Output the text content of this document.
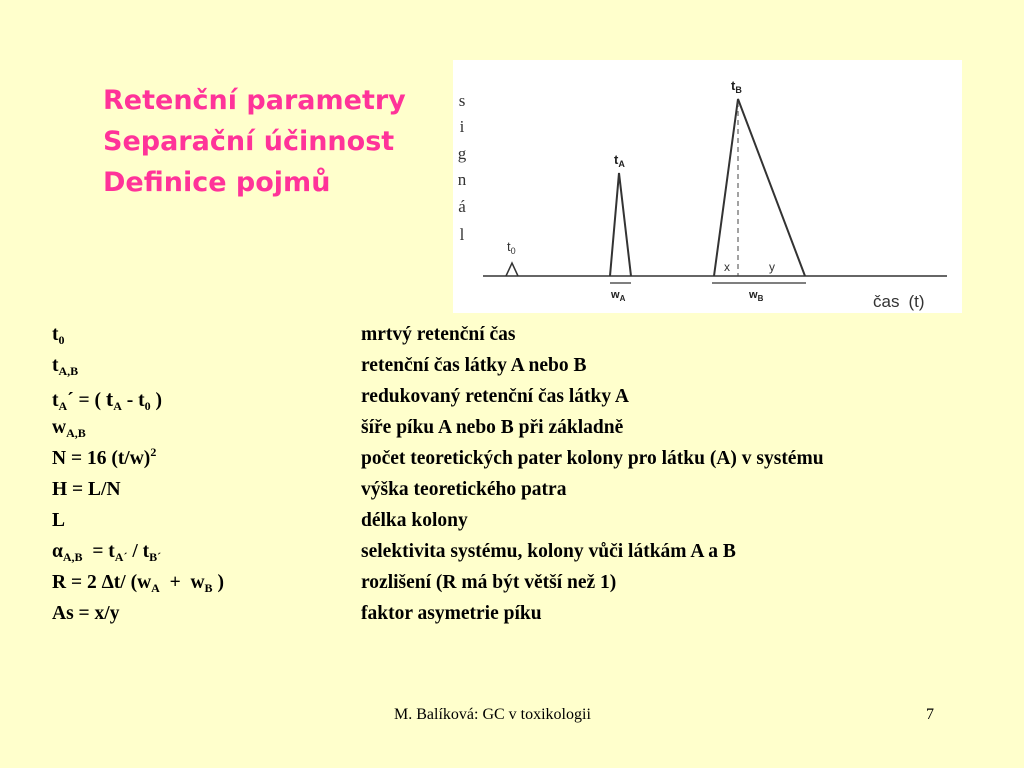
Retenční parametry
Separační účinnost
Definice pojmů
s
i
g
n
á
l
$t_0$
$t_A$
$t_B$
x	y
$w_A$	$w_B$	čas (t)
$t_0$	mrtvý retenční čas
$t_{A,B}$	retenční čas látky A nebo B
$t_A´$ = ( $t_A - t_0$ )	redukovaný retenční čas látky A
$w_{A,B}$	šíře píku A nebo B při základně
N = 16 $(t/w)^2$	počet teoretických pater kolony pro látku (A) v systému
H = L/N	výška teoretického patra
L	délka kolony
$\alpha_{A,B} = t_{A´} / t_{B´}$	selektivita systému, kolony vůči látkám A a B
R = 2 Δt/ ($w_A + w_B$ )	rozlišení (R má být větší než 1)
As = x/y	faktor asymetrie píku
M. Balíková: GC v toxikologii	7
